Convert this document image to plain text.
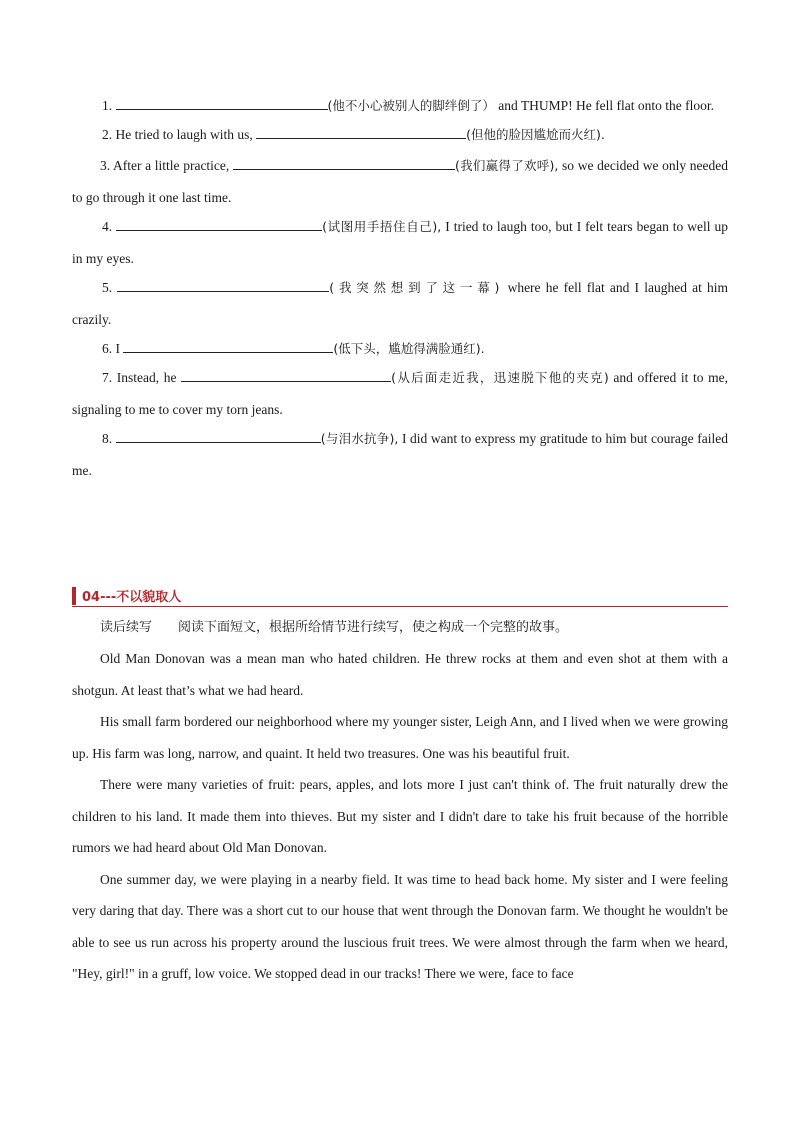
1.	(他不小心被别人的脚绊倒了） and THUMP! He fell flat onto the floor.
2. He tried to laugh with us,	(但他的脸因尴尬而火红).
3. After a little practice,	(我们赢得了欢呼), so we decided we only needed to go through it one last time.
4.	(试图用手捂住自己), I tried to laugh too, but I felt tears began to well up in my eyes.
5.	(我突然想到了这一幕) where he fell flat and I laughed at him crazily.
6. I	(低下头，尴尬得满脸通红).
7. Instead, he	(从后面走近我，迅速脱下他的夹克) and offered it to me, signaling to me to cover my torn jeans.
8.	(与泪水抗争), I did want to express my gratitude to him but courage failed me.
04---不以貌取人

读后续写　　阅读下面短文，根据所给情节进行续写，使之构成一个完整的故事。

Old Man Donovan was a mean man who hated children. He threw rocks at them and even shot at them with a shotgun. At least that’s what we had heard.

His small farm bordered our neighborhood where my younger sister, Leigh Ann, and I lived when we were growing up. His farm was long, narrow, and quaint. It held two treasures. One was his beautiful fruit.

There were many varieties of fruit: pears, apples, and lots more I just can't think of. The fruit naturally drew the children to his land. It made them into thieves. But my sister and I didn't dare to take his fruit because of the horrible rumors we had heard about Old Man Donovan.

One summer day, we were playing in a nearby field. It was time to head back home. My sister and I were feeling very daring that day. There was a short cut to our house that went through the Donovan farm. We thought he wouldn't be able to see us run across his property around the luscious fruit trees. We were almost through the farm when we heard, "Hey, girl!" in a gruff, low voice. We stopped dead in our tracks! There we were, face to face
